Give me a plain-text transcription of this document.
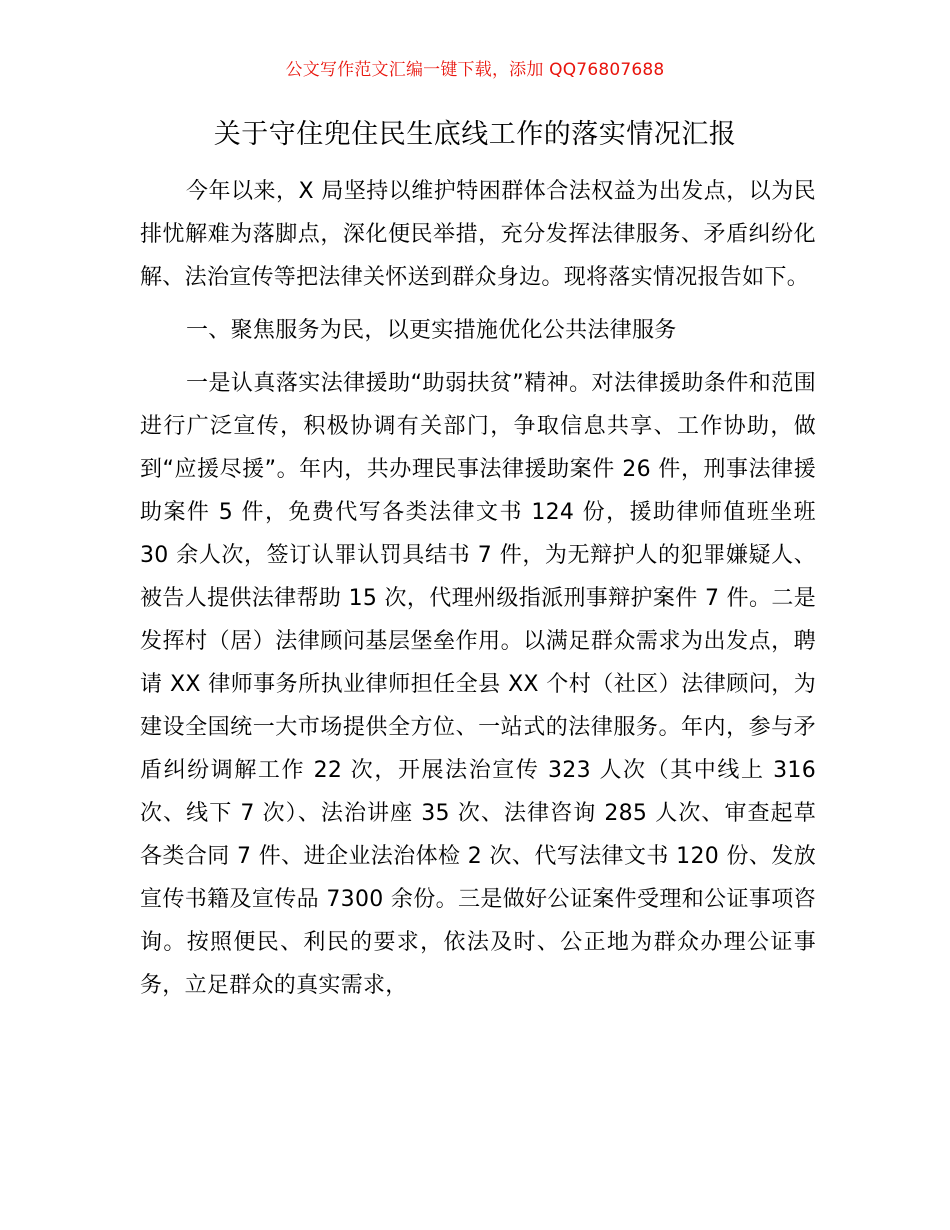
公文写作范文汇编一键下载，添加 QQ76807688
关于守住兜住民生底线工作的落实情况汇报

今年以来，X 局坚持以维护特困群体合法权益为出发点，以为民排忧解难为落脚点，深化便民举措，充分发挥法律服务、矛盾纠纷化解、法治宣传等把法律关怀送到群众身边。现将落实情况报告如下。

一、聚焦服务为民，以更实措施优化公共法律服务

一是认真落实法律援助“助弱扶贫”精神。对法律援助条件和范围进行广泛宣传，积极协调有关部门，争取信息共享、工作协助，做到“应援尽援”。年内，共办理民事法律援助案件 26 件，刑事法律援助案件 5 件，免费代写各类法律文书 124 份，援助律师值班坐班 30 余人次，签订认罪认罚具结书 7 件，为无辩护人的犯罪嫌疑人、被告人提供法律帮助 15 次，代理州级指派刑事辩护案件 7 件。二是发挥村（居）法律顾问基层堡垒作用。以满足群众需求为出发点，聘请 XX 律师事务所执业律师担任全县 XX 个村（社区）法律顾问，为建设全国统一大市场提供全方位、一站式的法律服务。年内，参与矛盾纠纷调解工作 22 次，开展法治宣传 323 人次（其中线上 316 次、线下 7 次）、法治讲座 35 次、法律咨询 285 人次、审查起草各类合同 7 件、进企业法治体检 2 次、代写法律文书 120 份、发放宣传书籍及宣传品 7300 余份。三是做好公证案件受理和公证事项咨询。按照便民、利民的要求，依法及时、公正地为群众办理公证事务，立足群众的真实需求，
